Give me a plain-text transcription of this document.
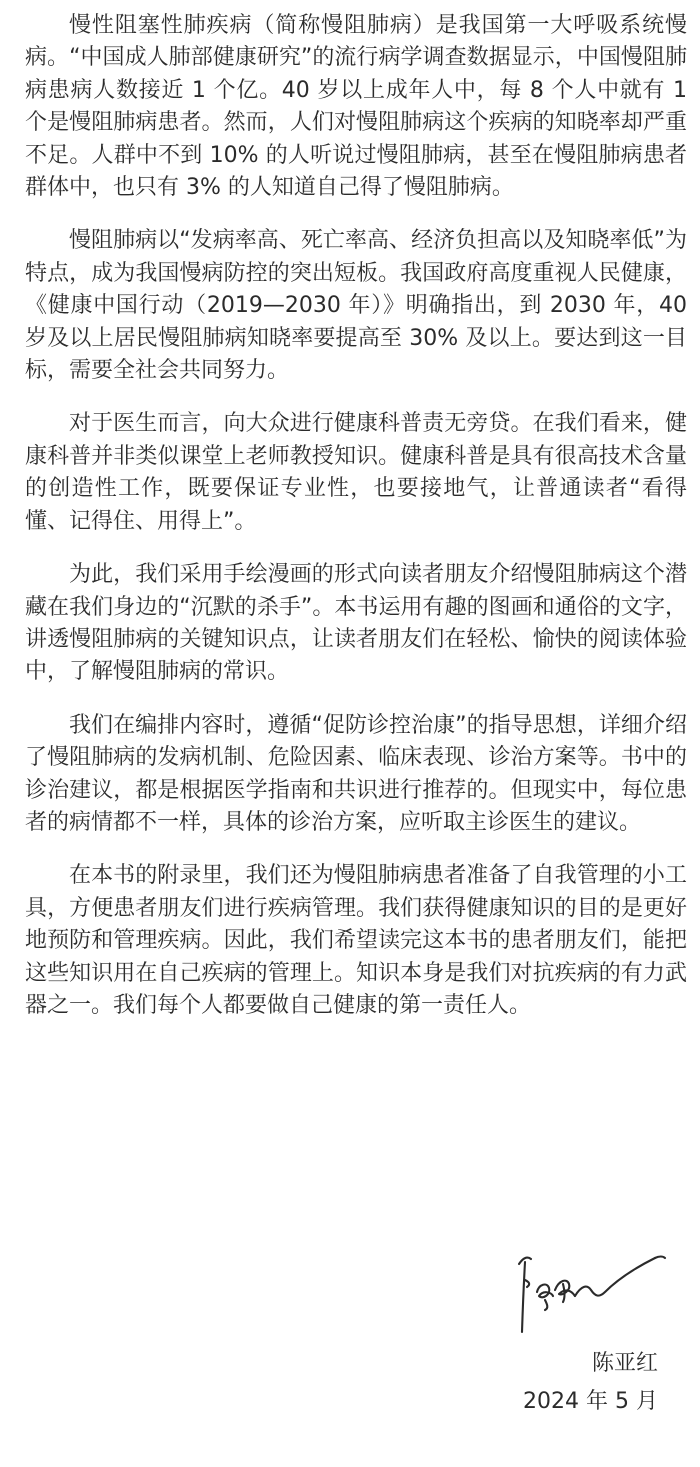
慢性阻塞性肺疾病（简称慢阻肺病）是我国第一大呼吸系统慢病。“中国成人肺部健康研究”的流行病学调查数据显示，中国慢阻肺病患病人数接近 1 个亿。40 岁以上成年人中，每 8 个人中就有 1 个是慢阻肺病患者。然而，人们对慢阻肺病这个疾病的知晓率却严重不足。人群中不到 10% 的人听说过慢阻肺病，甚至在慢阻肺病患者群体中，也只有 3% 的人知道自己得了慢阻肺病。

慢阻肺病以“发病率高、死亡率高、经济负担高以及知晓率低”为特点，成为我国慢病防控的突出短板。我国政府高度重视人民健康，《健康中国行动（2019—2030 年）》明确指出，到 2030 年，40 岁及以上居民慢阻肺病知晓率要提高至 30% 及以上。要达到这一目标，需要全社会共同努力。

对于医生而言，向大众进行健康科普责无旁贷。在我们看来，健康科普并非类似课堂上老师教授知识。健康科普是具有很高技术含量的创造性工作，既要保证专业性，也要接地气，让普通读者“看得懂、记得住、用得上”。

为此，我们采用手绘漫画的形式向读者朋友介绍慢阻肺病这个潜藏在我们身边的“沉默的杀手”。本书运用有趣的图画和通俗的文字，讲透慢阻肺病的关键知识点，让读者朋友们在轻松、愉快的阅读体验中，了解慢阻肺病的常识。

我们在编排内容时，遵循“促防诊控治康”的指导思想，详细介绍了慢阻肺病的发病机制、危险因素、临床表现、诊治方案等。书中的诊治建议，都是根据医学指南和共识进行推荐的。但现实中，每位患者的病情都不一样，具体的诊治方案，应听取主诊医生的建议。

在本书的附录里，我们还为慢阻肺病患者准备了自我管理的小工具，方便患者朋友们进行疾病管理。我们获得健康知识的目的是更好地预防和管理疾病。因此，我们希望读完这本书的患者朋友们，能把这些知识用在自己疾病的管理上。知识本身是我们对抗疾病的有力武器之一。我们每个人都要做自己健康的第一责任人。

陈亚红
2024 年 5 月
